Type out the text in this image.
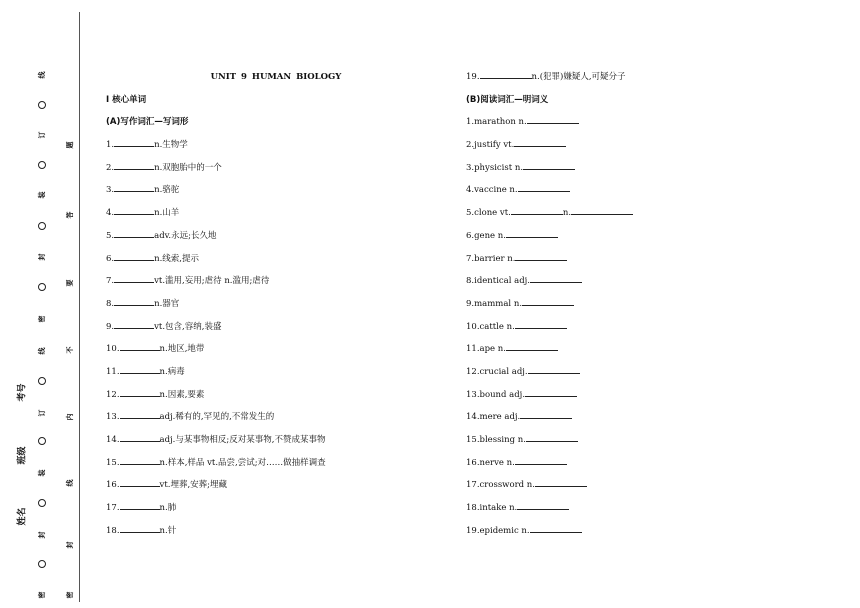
线
订
装
封
密
线
订
装
封
密
题
答
要
不
内
线
封
密
考号
班级
姓名
UNIT 9 HUMAN BIOLOGY
Ⅰ 核心单词
(A)写作词汇—写词形
1.	n.生物学
2.	n.双胞胎中的一个
3.	n.骆驼
4.	n.山羊
5.	adv.永远;长久地
6.	n.线索,提示
7.	vt.滥用,妄用;虐待 n.滥用;虐待
8.	n.器官
9.	vt.包含,容纳,装盛
10.	n.地区,地带
11.	n.病毒
12.	n.因素,要素
13.	adj.稀有的,罕见的,不常发生的
14.	adj.与某事物相反;反对某事物,不赞成某事物
15.	n.样本,样品 vt.品尝,尝试;对……做抽样调查
16.	vt.埋葬,安葬;埋藏
17.	n.肺
18.	n.针
19.	n.(犯罪)嫌疑人,可疑分子
(B)阅读词汇—明词义
1.marathon n.
2.justify vt.
3.physicist n.
4.vaccine n.
5.clone vt.	n.
6.gene n.
7.barrier n.
8.identical adj.
9.mammal n.
10.cattle n.
11.ape n.
12.crucial adj.
13.bound adj.
14.mere adj.
15.blessing n.
16.nerve n.
17.crossword n.
18.intake n.
19.epidemic n.
